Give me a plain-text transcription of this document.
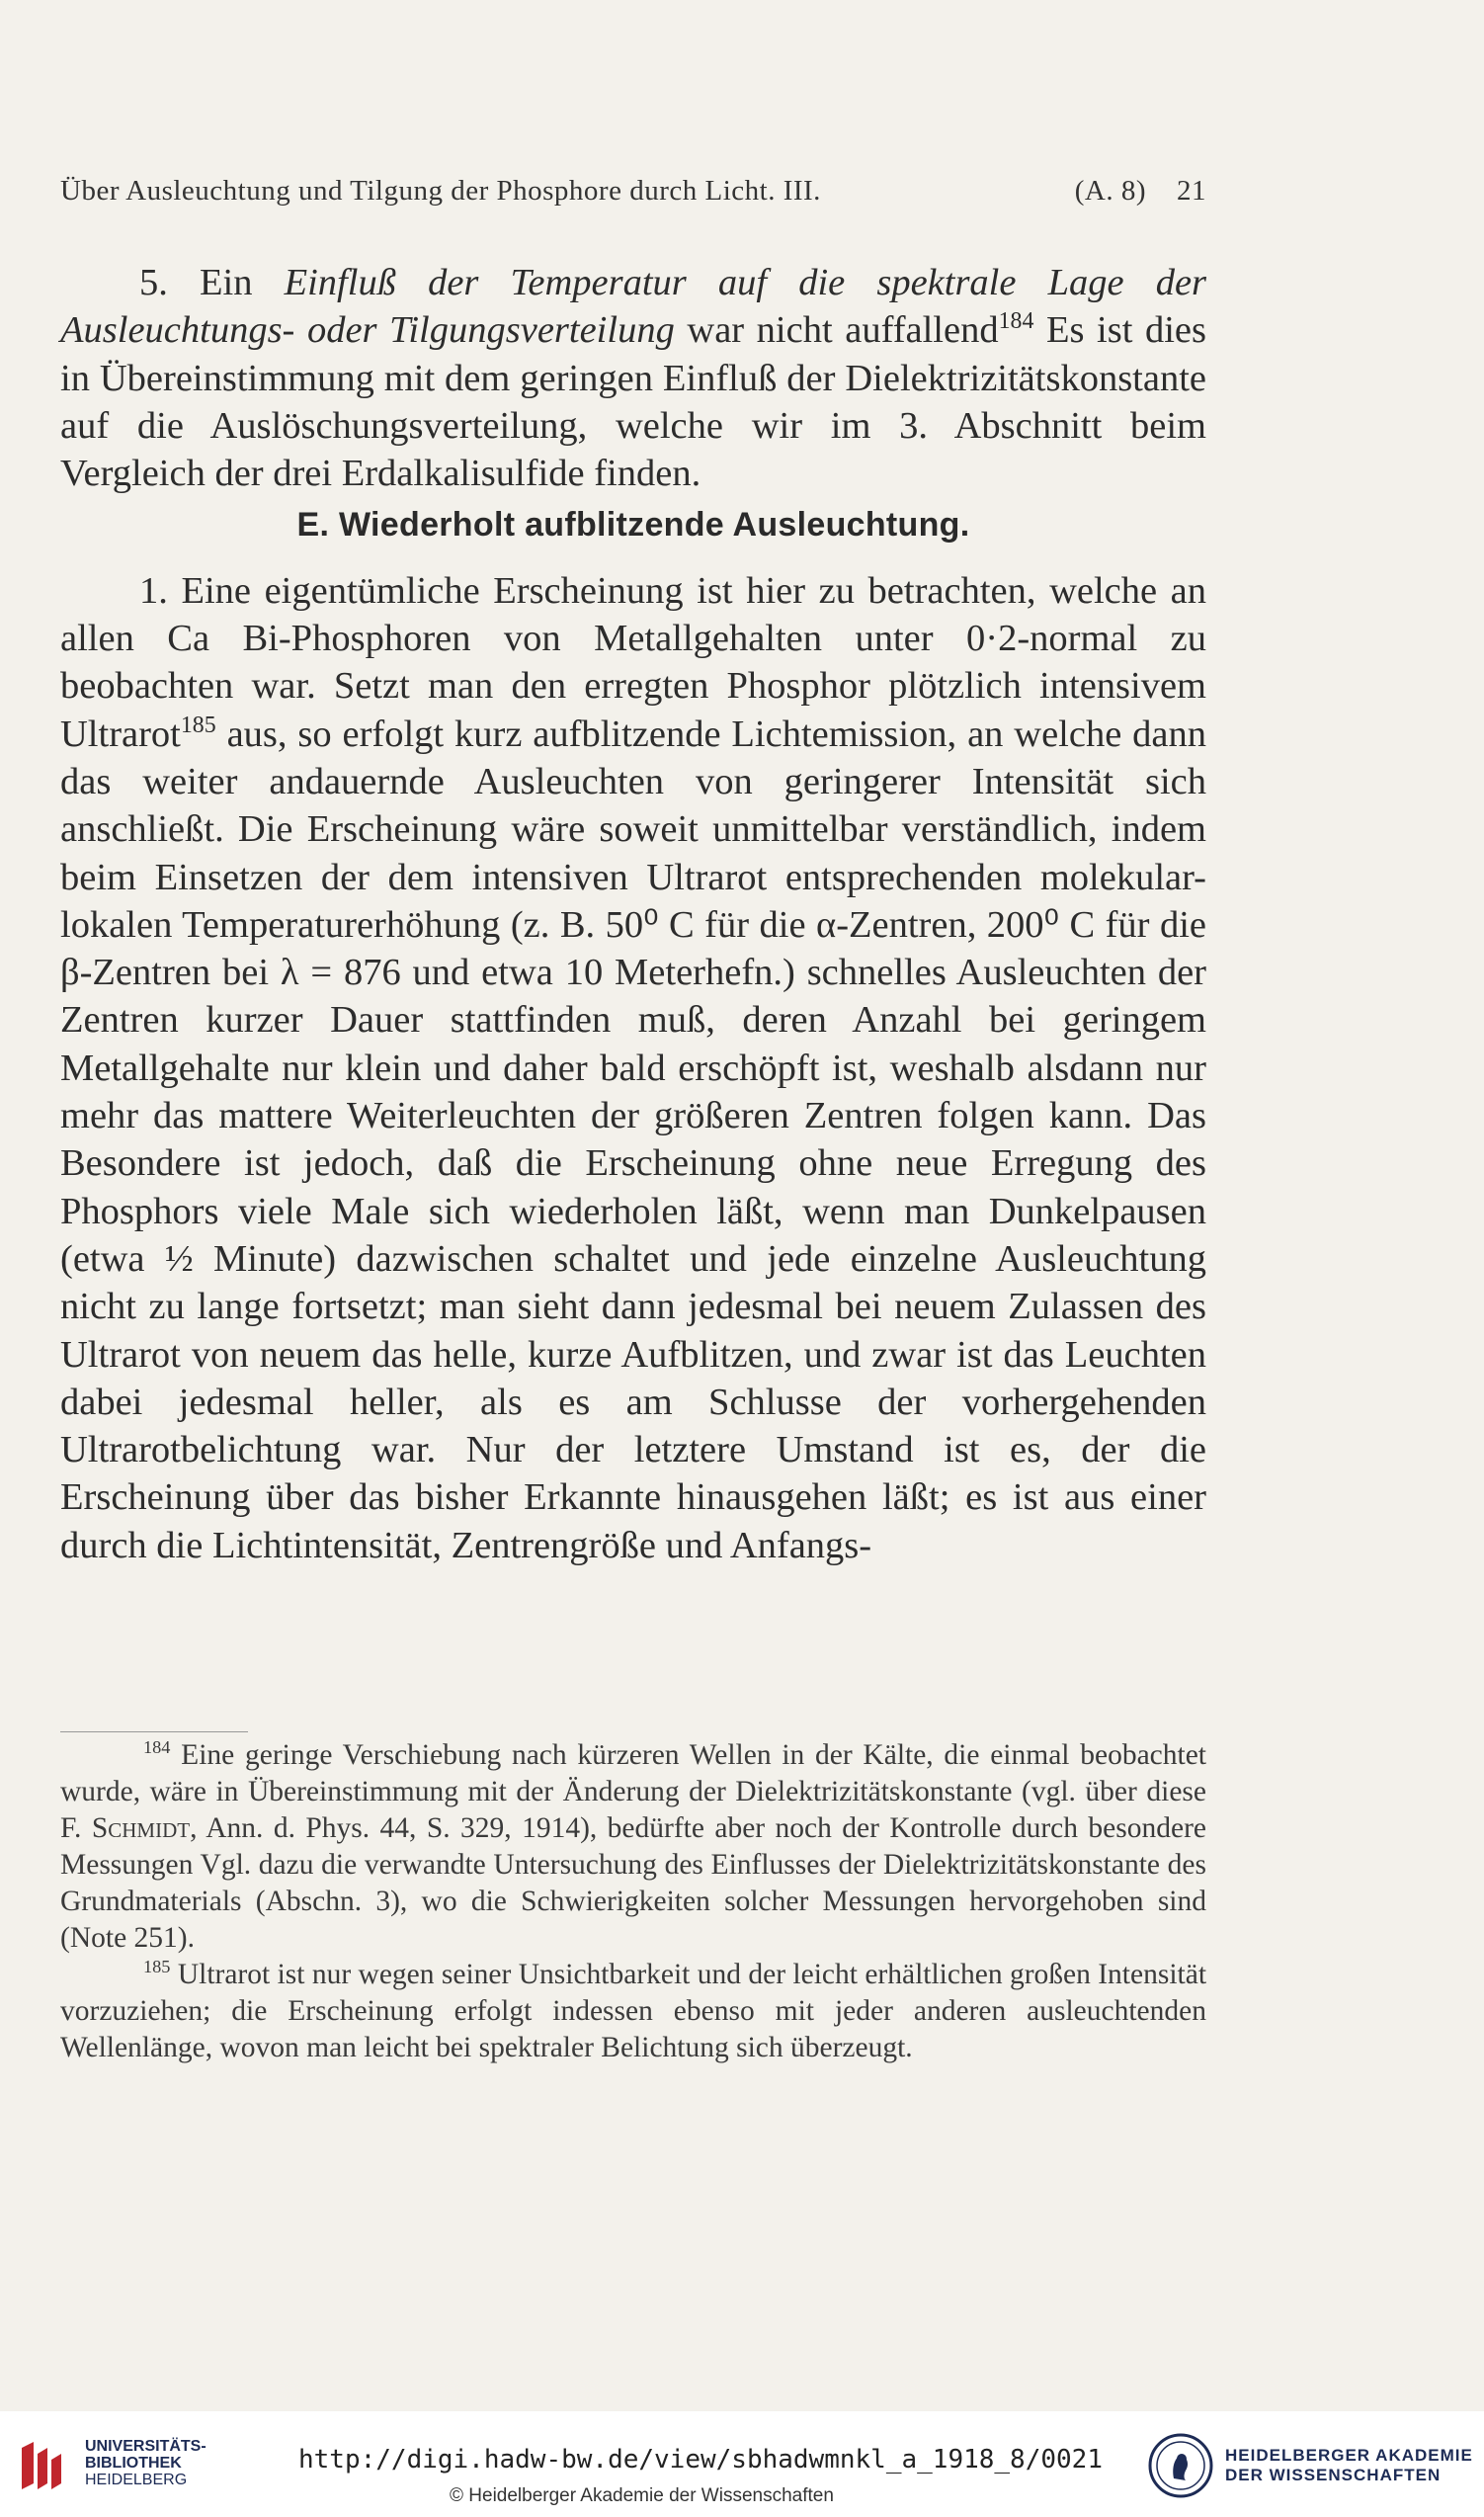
Über Ausleuchtung und Tilgung der Phosphore durch Licht. III.	(A. 8) 21

5. Ein Einfluß der Temperatur auf die spektrale Lage der Ausleuchtungs- oder Tilgungsverteilung war nicht auffallend$^{184}$ Es ist dies in Übereinstimmung mit dem geringen Einfluß der Dielektrizitätskonstante auf die Auslöschungsverteilung, welche wir im 3. Abschnitt beim Vergleich der drei Erdalkalisulfide finden.

E. Wiederholt aufblitzende Ausleuchtung.

1. Eine eigentümliche Erscheinung ist hier zu betrachten, welche an allen Ca Bi-Phosphoren von Metallgehalten unter 0·2-normal zu beobachten war. Setzt man den erregten Phosphor plötzlich intensivem Ultrarot$^{185}$ aus, so erfolgt kurz aufblitzende Lichtemission, an welche dann das weiter andauernde Ausleuchten von geringerer Intensität sich anschließt. Die Erscheinung wäre soweit unmittelbar verständlich, indem beim Einsetzen der dem intensiven Ultrarot entsprechenden molekular-lokalen Temperaturerhöhung (z. B. 50⁰ C für die α-Zentren, 200⁰ C für die β-Zentren bei λ = 876 und etwa 10 Meterhefn.) schnelles Ausleuchten der Zentren kurzer Dauer stattfinden muß, deren Anzahl bei geringem Metallgehalte nur klein und daher bald erschöpft ist, weshalb alsdann nur mehr das mattere Weiterleuchten der größeren Zentren folgen kann. Das Besondere ist jedoch, daß die Erscheinung ohne neue Erregung des Phosphors viele Male sich wiederholen läßt, wenn man Dunkelpausen (etwa ½ Minute) dazwischen schaltet und jede einzelne Ausleuchtung nicht zu lange fortsetzt; man sieht dann jedesmal bei neuem Zulassen des Ultrarot von neuem das helle, kurze Aufblitzen, und zwar ist das Leuchten dabei jedesmal heller, als es am Schlusse der vorhergehenden Ultrarotbelichtung war. Nur der letztere Umstand ist es, der die Erscheinung über das bisher Erkannte hinausgehen läßt; es ist aus einer durch die Lichtintensität, Zentrengröße und Anfangs-

$^{184}$ Eine geringe Verschiebung nach kürzeren Wellen in der Kälte, die einmal beobachtet wurde, wäre in Übereinstimmung mit der Änderung der Dielektrizitätskonstante (vgl. über diese F. Schmidt, Ann. d. Phys. 44, S. 329, 1914), bedürfte aber noch der Kontrolle durch besondere Messungen Vgl. dazu die verwandte Untersuchung des Einflusses der Dielektrizitätskonstante des Grundmaterials (Abschn. 3), wo die Schwierigkeiten solcher Messungen hervorgehoben sind (Note 251).

$^{185}$ Ultrarot ist nur wegen seiner Unsichtbarkeit und der leicht erhältlichen großen Intensität vorzuziehen; die Erscheinung erfolgt indessen ebenso mit jeder anderen ausleuchtenden Wellenlänge, wovon man leicht bei spektraler Belichtung sich überzeugt.

UNIVERSITÄTS-
BIBLIOTHEK
HEIDELBERG
http://digi.hadw-bw.de/view/sbhadwmnkl_a_1918_8/0021
© Heidelberger Akademie der Wissenschaften
HEIDELBERGER AKADEMIE
DER WISSENSCHAFTEN
